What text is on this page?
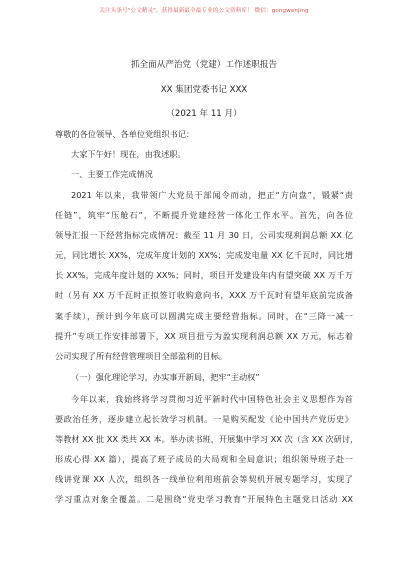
关注头条号"公文精灵"，获得最新最全最专业的公文资料库！ 微信：gongwenjing
抓全面从严治党（党建）工作述职报告
XX 集团党委书记 XXX
（2021 年 11 月）
尊敬的各位领导、各单位党组织书记：
大家下午好！现在，由我述职。
一、主要工作完成情况
2021 年以来，我带领广大党员干部闻令而动，把正“方向盘”，锻紧“责
任链”，筑牢“压舱石”，不断提升党建经营一体化工作水平。首先，向各位
领导汇报一下经营指标完成情况：截至 11 月 30 日，公司实现利润总额 XX 亿
元，同比增长 XX%，完成年度计划的 XX%；完成发电量 XX 亿千瓦时，同比增
长 XX%，完成年度计划的 XX%；同时，项目开发建设年内有望突破 XX 万千万
时（另有 XX 万千瓦时正拟签订收购意向书，XXX 万千瓦时有望年底前完成备
案手续），预计到今年底可以圆满完成主要经营指标。同时，在“三降一减一
提升”专项工作安排部署下，XX 项目扭亏为盈实现利润总额 XX 万元，标志着
公司实现了所有经营管理项目全部盈利的目标。
（一）强化理论学习，办实事开新局，把牢“主动权”
今年以来，我始终将学习贯彻习近平新时代中国特色社会主义思想作为首
要政治任务，逐步建立起长效学习机制。一是购买配发《论中国共产党历史》
等教材 XX 批 XX 类共 XX 本。举办读书班，开展集中学习 XX 次（含 XX 次研讨，
形成心得 XX 篇），提高了班子成员的大局观和全局意识；组织领导班子赴一
线讲党课 XX 人次，组织各一线单位利用班前会等契机开展专题学习，实现了
学习重点对象全覆盖。二是围绕“党史学习教育”开展特色主题党日活动 XX
